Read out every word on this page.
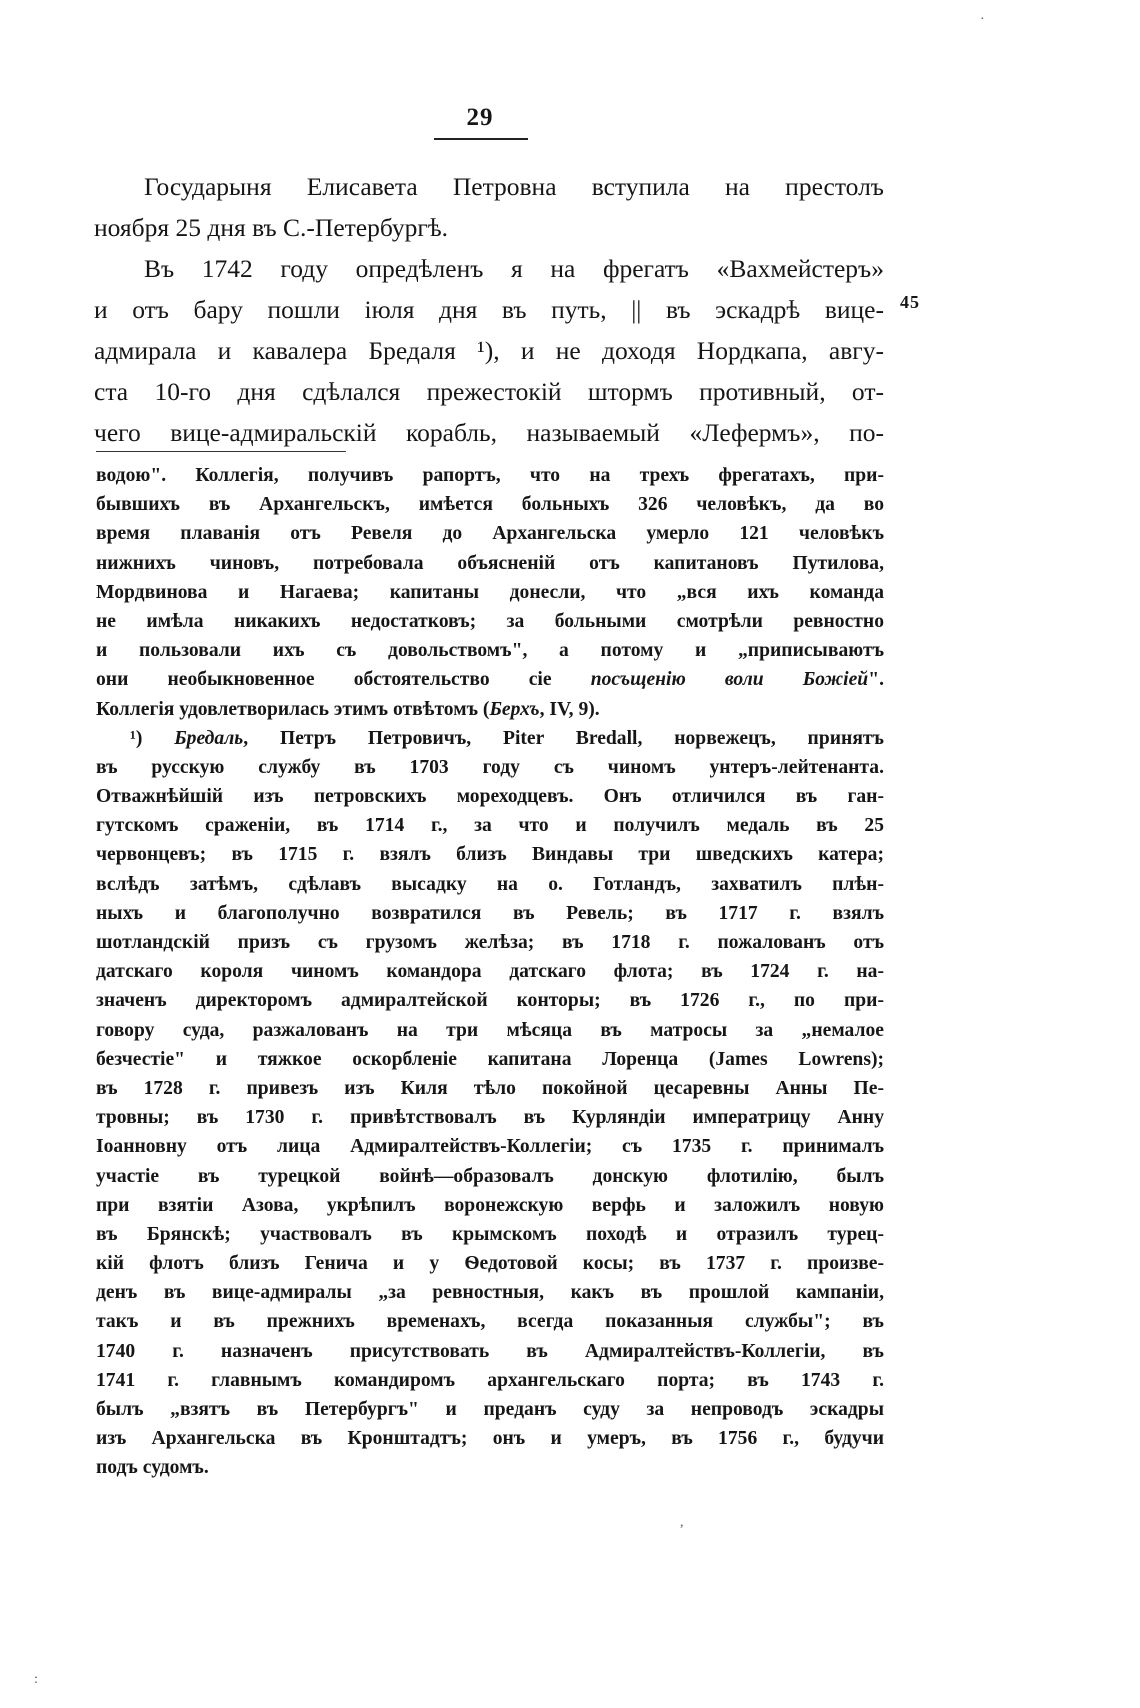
29
45
Государыня Елисавета Петровна вступила на престолъ
ноября 25 дня въ С.-Петербургѣ.
Въ 1742 году опредѣленъ я на фрегатъ «Вахмейстеръ»
и отъ бару пошли іюля дня въ путь, || въ эскадрѣ вице-
адмирала и кавалера Бредаля ¹), и не доходя Нордкапа, авгу-
ста 10-го дня сдѣлался прежестокій штормъ противный, от-
чего вице-адмиральскій корабль, называемый «Лефермъ», по-
водою". Коллегія, получивъ рапортъ, что на трехъ фрегатахъ, при-
бывшихъ въ Архангельскъ, имѣется больныхъ 326 человѣкъ, да во
время плаванія отъ Ревеля до Архангельска умерло 121 человѣкъ
нижнихъ чиновъ, потребовала объясненій отъ капитановъ Путилова,
Мордвинова и Нагаева; капитаны донесли, что „вся ихъ команда
не имѣла никакихъ недостатковъ; за больными смотрѣли ревностно
и пользовали ихъ съ довольствомъ", а потому и „приписываютъ
они необыкновенное обстоятельство сіе посъщенію воли Божіей".
Коллегія удовлетворилась этимъ отвѣтомъ (Берхъ, IV, 9).
¹) Бредаль, Петръ Петровичъ, Piter Bredall, норвежецъ, принятъ
въ русскую службу въ 1703 году съ чиномъ унтеръ-лейтенанта.
Отважнѣйшій изъ петровскихъ мореходцевъ. Онъ отличился въ ган-
гутскомъ сраженіи, въ 1714 г., за что и получилъ медаль въ 25
червонцевъ; въ 1715 г. взялъ близъ Виндавы три шведскихъ катера;
вслѣдъ затѣмъ, сдѣлавъ высадку на о. Готландъ, захватилъ плѣн-
ныхъ и благополучно возвратился въ Ревель; въ 1717 г. взялъ
шотландскій призъ съ грузомъ желѣза; въ 1718 г. пожалованъ отъ
датскаго короля чиномъ командора датскаго флота; въ 1724 г. на-
значенъ директоромъ адмиралтейской конторы; въ 1726 г., по при-
говору суда, разжалованъ на три мѣсяца въ матросы за „немалое
безчестіе" и тяжкое оскорбленіе капитана Лоренца (James Lowrens);
въ 1728 г. привезъ изъ Киля тѣло покойной цесаревны Анны Пе-
тровны; въ 1730 г. привѣтствовалъ въ Курляндіи императрицу Анну
Іоанновну отъ лица Адмиралтействъ-Коллегіи; съ 1735 г. принималъ
участіе въ турецкой войнѣ—образовалъ донскую флотилію, былъ
при взятіи Азова, укрѣпилъ воронежскую верфь и заложилъ новую
въ Брянскѣ; участвовалъ въ крымскомъ походѣ и отразилъ турец-
кій флотъ близъ Генича и у Ѳедотовой косы; въ 1737 г. произве-
денъ въ вице-адмиралы „за ревностныя, какъ въ прошлой кампаніи,
такъ и въ прежнихъ временахъ, всегда показанныя службы"; въ
1740 г. назначенъ присутствовать въ Адмиралтействъ-Коллегіи, въ
1741 г. главнымъ командиромъ архангельскаго порта; въ 1743 г.
былъ „взятъ въ Петербургъ" и преданъ суду за непроводъ эскадры
изъ Архангельска въ Кронштадтъ; онъ и умеръ, въ 1756 г., будучи
подъ судомъ.
·
,
:
